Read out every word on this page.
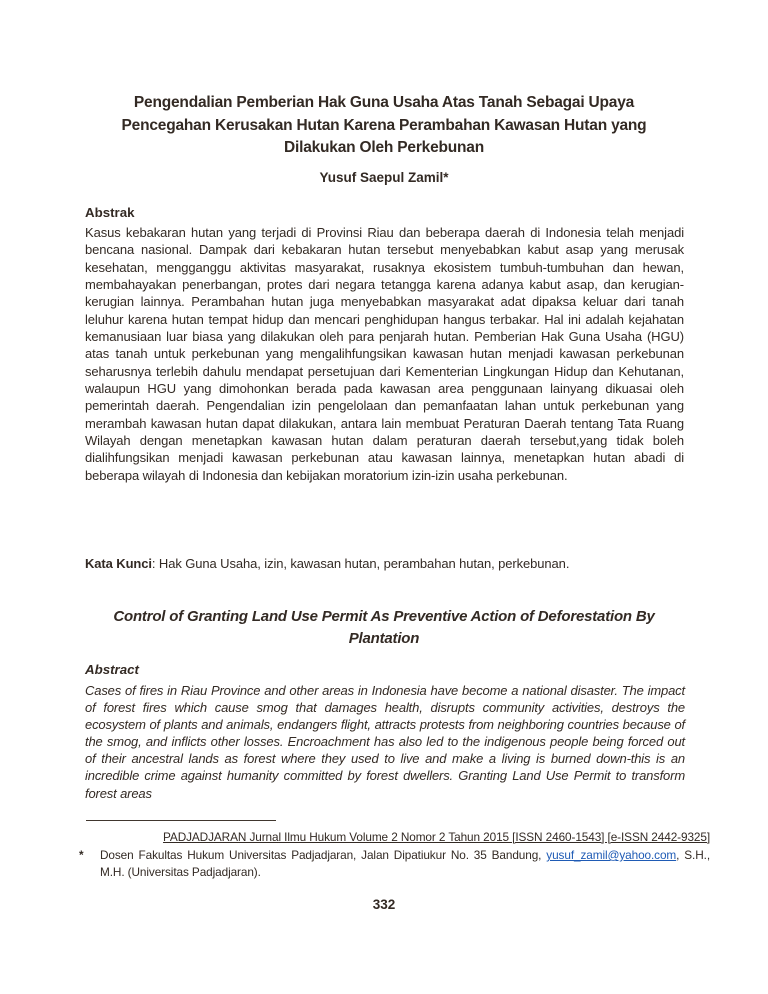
Pengendalian Pemberian Hak Guna Usaha Atas Tanah Sebagai Upaya Pencegahan Kerusakan Hutan Karena Perambahan Kawasan Hutan yang Dilakukan Oleh Perkebunan
Yusuf Saepul Zamil*
Abstrak
Kasus kebakaran hutan yang terjadi di Provinsi Riau dan beberapa daerah di Indonesia telah menjadi bencana nasional. Dampak dari kebakaran hutan tersebut menyebabkan kabut asap yang merusak kesehatan, mengganggu aktivitas masyarakat, rusaknya ekosistem tumbuh-tumbuhan dan hewan, membahayakan penerbangan, protes dari negara tetangga karena adanya kabut asap, dan kerugian-kerugian lainnya. Perambahan hutan juga menyebabkan masyarakat adat dipaksa keluar dari tanah leluhur karena hutan tempat hidup dan mencari penghidupan hangus terbakar. Hal ini adalah kejahatan kemanusiaan luar biasa yang dilakukan oleh para penjarah hutan. Pemberian Hak Guna Usaha (HGU) atas tanah untuk perkebunan yang mengalihfungsikan kawasan hutan menjadi kawasan perkebunan seharusnya terlebih dahulu mendapat persetujuan dari Kementerian Lingkungan Hidup dan Kehutanan, walaupun HGU yang dimohonkan berada pada kawasan area penggunaan lainyang dikuasai oleh pemerintah daerah. Pengendalian izin pengelolaan dan pemanfaatan lahan untuk perkebunan yang merambah kawasan hutan dapat dilakukan, antara lain membuat Peraturan Daerah tentang Tata Ruang Wilayah dengan menetapkan kawasan hutan dalam peraturan daerah tersebut,yang tidak boleh dialihfungsikan menjadi kawasan perkebunan atau kawasan lainnya, menetapkan hutan abadi di beberapa wilayah di Indonesia dan kebijakan moratorium izin-izin usaha perkebunan.
Kata Kunci: Hak Guna Usaha, izin, kawasan hutan, perambahan hutan, perkebunan.
Control of Granting Land Use Permit As Preventive Action of Deforestation By Plantation
Abstract
Cases of fires in Riau Province and other areas in Indonesia have become a national disaster. The impact of forest fires which cause smog that damages health, disrupts community activities, destroys the ecosystem of plants and animals, endangers flight, attracts protests from neighboring countries because of the smog, and inflicts other losses. Encroachment has also led to the indigenous people being forced out of their ancestral lands as forest where they used to live and make a living is burned down-this is an incredible crime against humanity committed by forest dwellers. Granting Land Use Permit to transform forest areas
PADJADJARAN Jurnal Ilmu Hukum Volume 2 Nomor 2 Tahun 2015 [ISSN 2460-1543] [e-ISSN 2442-9325]
* Dosen Fakultas Hukum Universitas Padjadjaran, Jalan Dipatiukur No. 35 Bandung, yusuf_zamil@yahoo.com, S.H., M.H. (Universitas Padjadjaran).
332
